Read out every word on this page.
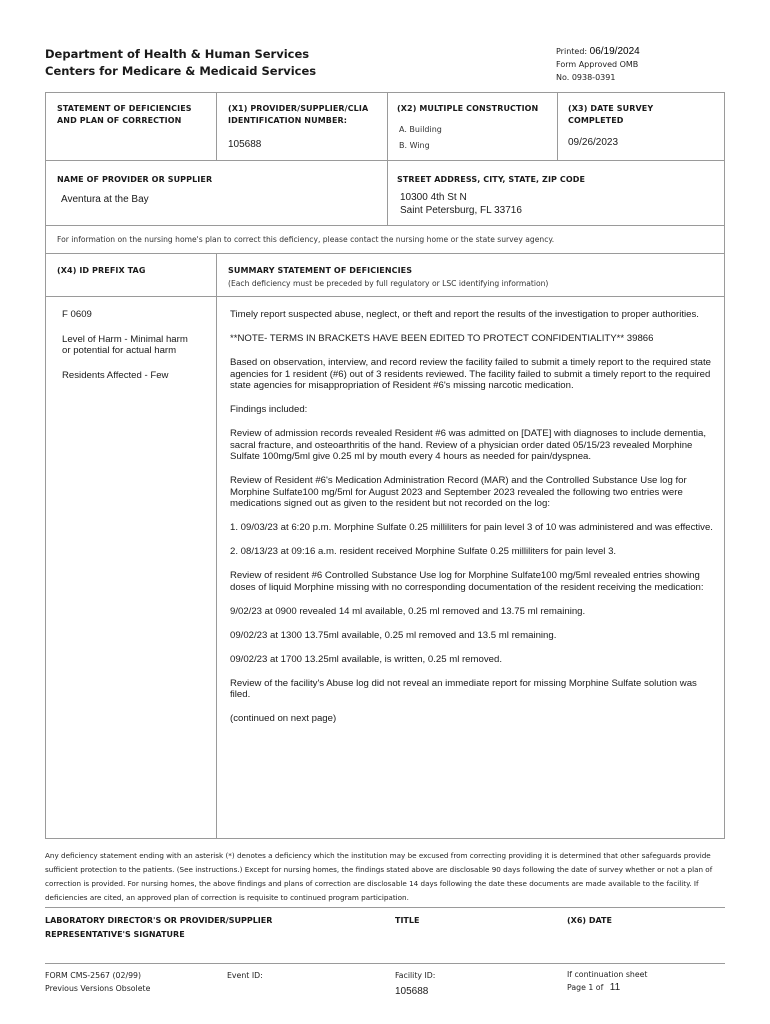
Department of Health & Human Services
Centers for Medicare & Medicaid Services
Printed: 06/19/2024
Form Approved OMB
No. 0938-0391
STATEMENT OF DEFICIENCIES
AND PLAN OF CORRECTION
(X1) PROVIDER/SUPPLIER/CLIA
IDENTIFICATION NUMBER:
105688
(X2) MULTIPLE CONSTRUCTION
A. Building
B. Wing
(X3) DATE SURVEY
COMPLETED
09/26/2023
NAME OF PROVIDER OR SUPPLIER
Aventura at the Bay
STREET ADDRESS, CITY, STATE, ZIP CODE
10300 4th St N
Saint Petersburg, FL 33716
For information on the nursing home's plan to correct this deficiency, please contact the nursing home or the state survey agency.
(X4) ID PREFIX TAG	SUMMARY STATEMENT OF DEFICIENCIES
(Each deficiency must be preceded by full regulatory or LSC identifying information)

F 0609

Level of Harm - Minimal harm
or potential for actual harm

Residents Affected - Few

Timely report suspected abuse, neglect, or theft and report the results of the investigation to proper authorities.

**NOTE- TERMS IN BRACKETS HAVE BEEN EDITED TO PROTECT CONFIDENTIALITY** 39866

Based on observation, interview, and record review the facility failed to submit a timely report to the required state agencies for 1 resident (#6) out of 3 residents reviewed. The facility failed to submit a timely report to the required state agencies for misappropriation of Resident #6's missing narcotic medication.

Findings included:

Review of admission records revealed Resident #6 was admitted on [DATE] with diagnoses to include dementia, sacral fracture, and osteoarthritis of the hand. Review of a physician order dated 05/15/23 revealed Morphine Sulfate 100mg/5ml give 0.25 ml by mouth every 4 hours as needed for pain/dyspnea.

Review of Resident #6's Medication Administration Record (MAR) and the Controlled Substance Use log for Morphine Sulfate100 mg/5ml for August 2023 and September 2023 revealed the following two entries were medications signed out as given to the resident but not recorded on the log:

1. 09/03/23 at 6:20 p.m. Morphine Sulfate 0.25 milliliters for pain level 3 of 10 was administered and was effective.

2. 08/13/23 at 09:16 a.m. resident received Morphine Sulfate 0.25 milliliters for pain level 3.

Review of resident #6 Controlled Substance Use log for Morphine Sulfate100 mg/5ml revealed entries showing doses of liquid Morphine missing with no corresponding documentation of the resident receiving the medication:

9/02/23 at 0900 revealed 14 ml available, 0.25 ml removed and 13.75 ml remaining.

09/02/23 at 1300 13.75ml available, 0.25 ml removed and 13.5 ml remaining.

09/02/23 at 1700 13.25ml available, is written, 0.25 ml removed.

Review of the facility's Abuse log did not reveal an immediate report for missing Morphine Sulfate solution was filed.

(continued on next page)

Any deficiency statement ending with an asterisk (*) denotes a deficiency which the institution may be excused from correcting providing it is determined that other safeguards provide sufficient protection to the patients. (See instructions.) Except for nursing homes, the findings stated above are disclosable 90 days following the date of survey whether or not a plan of correction is provided. For nursing homes, the above findings and plans of correction are disclosable 14 days following the date these documents are made available to the facility. If deficiencies are cited, an approved plan of correction is requisite to continued program participation.
LABORATORY DIRECTOR'S OR PROVIDER/SUPPLIER
REPRESENTATIVE'S SIGNATURE
TITLE	(X6) DATE
FORM CMS-2567 (02/99)
Previous Versions Obsolete
Event ID:	Facility ID:
105688
If continuation sheet
Page 1 of 11
